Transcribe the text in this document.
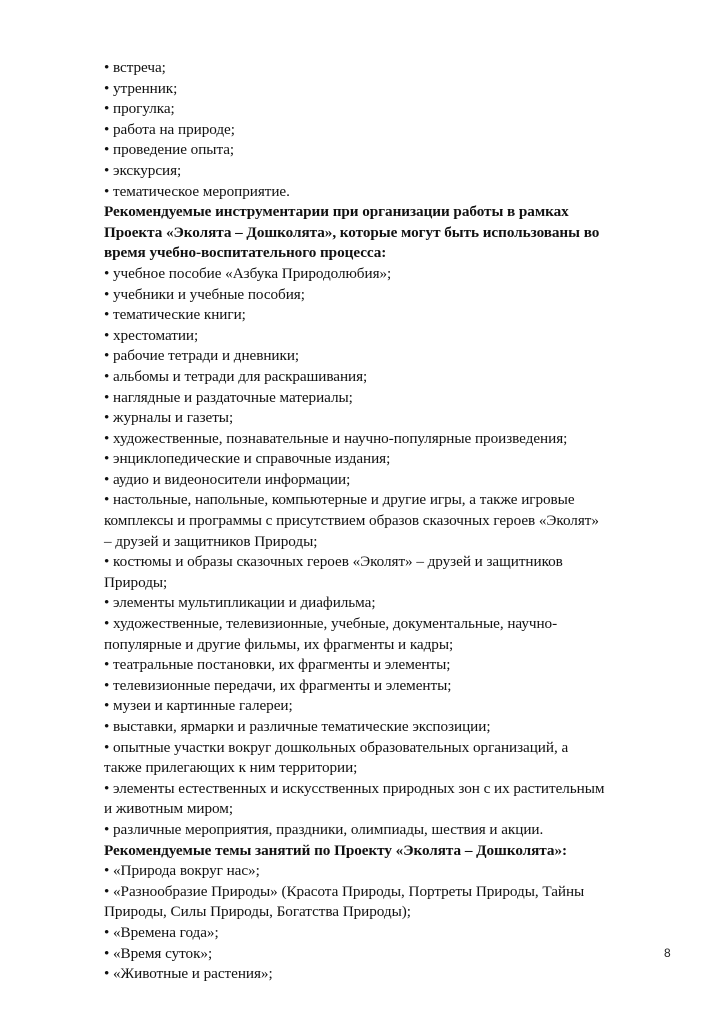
• встреча;
• утренник;
• прогулка;
• работа на природе;
• проведение опыта;
• экскурсия;
• тематическое мероприятие.
Рекомендуемые инструментарии при организации работы в рамках
Проекта «Эколята – Дошколята», которые могут быть использованы во
время учебно-воспитательного процесса:
• учебное пособие «Азбука Природолюбия»;
• учебники и учебные пособия;
• тематические книги;
• хрестоматии;
• рабочие тетради и дневники;
• альбомы и тетради для раскрашивания;
• наглядные и раздаточные материалы;
• журналы и газеты;
• художественные, познавательные и научно-популярные произведения;
• энциклопедические и справочные издания;
• аудио и видеоносители информации;
• настольные, напольные, компьютерные и другие игры, а также игровые
комплексы и программы с присутствием образов сказочных героев «Эколят»
– друзей и защитников Природы;
• костюмы и образы сказочных героев «Эколят» – друзей и защитников
Природы;
• элементы мультипликации и диафильма;
• художественные, телевизионные, учебные, документальные, научно-
популярные и другие фильмы, их фрагменты и кадры;
• театральные постановки, их фрагменты и элементы;
• телевизионные передачи, их фрагменты и элементы;
• музеи и картинные галереи;
• выставки, ярмарки и различные тематические экспозиции;
• опытные участки вокруг дошкольных образовательных организаций, а
также прилегающих к ним территории;
• элементы естественных и искусственных природных зон с их растительным
и животным миром;
• различные мероприятия, праздники, олимпиады, шествия и акции.
Рекомендуемые темы занятий по Проекту «Эколята – Дошколята»:
• «Природа вокруг нас»;
• «Разнообразие Природы» (Красота Природы, Портреты Природы, Тайны
Природы, Силы Природы, Богатства Природы);
• «Времена года»;
• «Время суток»;
• «Животные и растения»;
8
